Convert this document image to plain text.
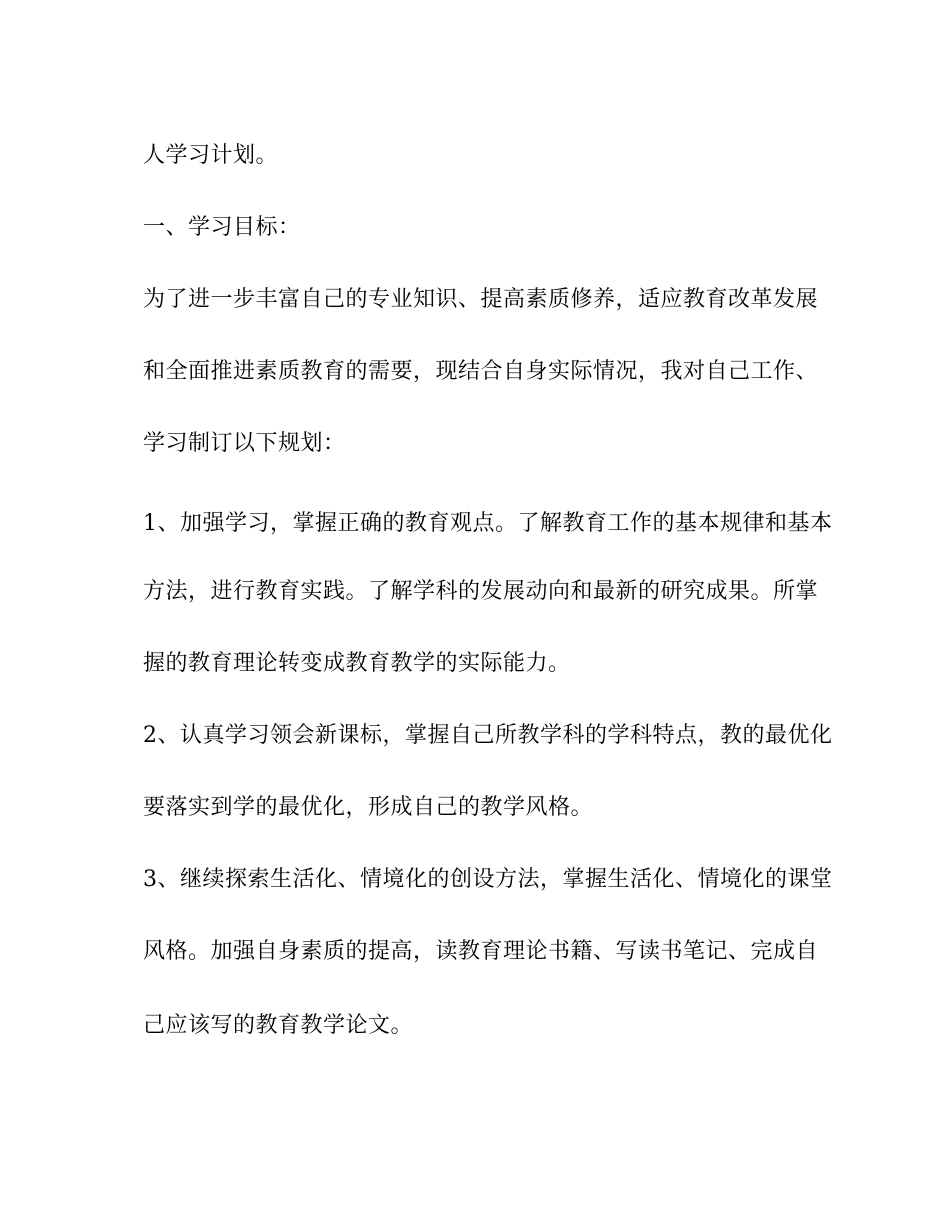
人学习计划。
一、学习目标：
为了进一步丰富自己的专业知识、提高素质修养，适应教育改革发展
和全面推进素质教育的需要，现结合自身实际情况，我对自己工作、
学习制订以下规划：
1、加强学习，掌握正确的教育观点。了解教育工作的基本规律和基本
方法，进行教育实践。了解学科的发展动向和最新的研究成果。所掌
握的教育理论转变成教育教学的实际能力。
2、认真学习领会新课标，掌握自己所教学科的学科特点，教的最优化
要落实到学的最优化，形成自己的教学风格。
3、继续探索生活化、情境化的创设方法，掌握生活化、情境化的课堂
风格。加强自身素质的提高，读教育理论书籍、写读书笔记、完成自
己应该写的教育教学论文。
